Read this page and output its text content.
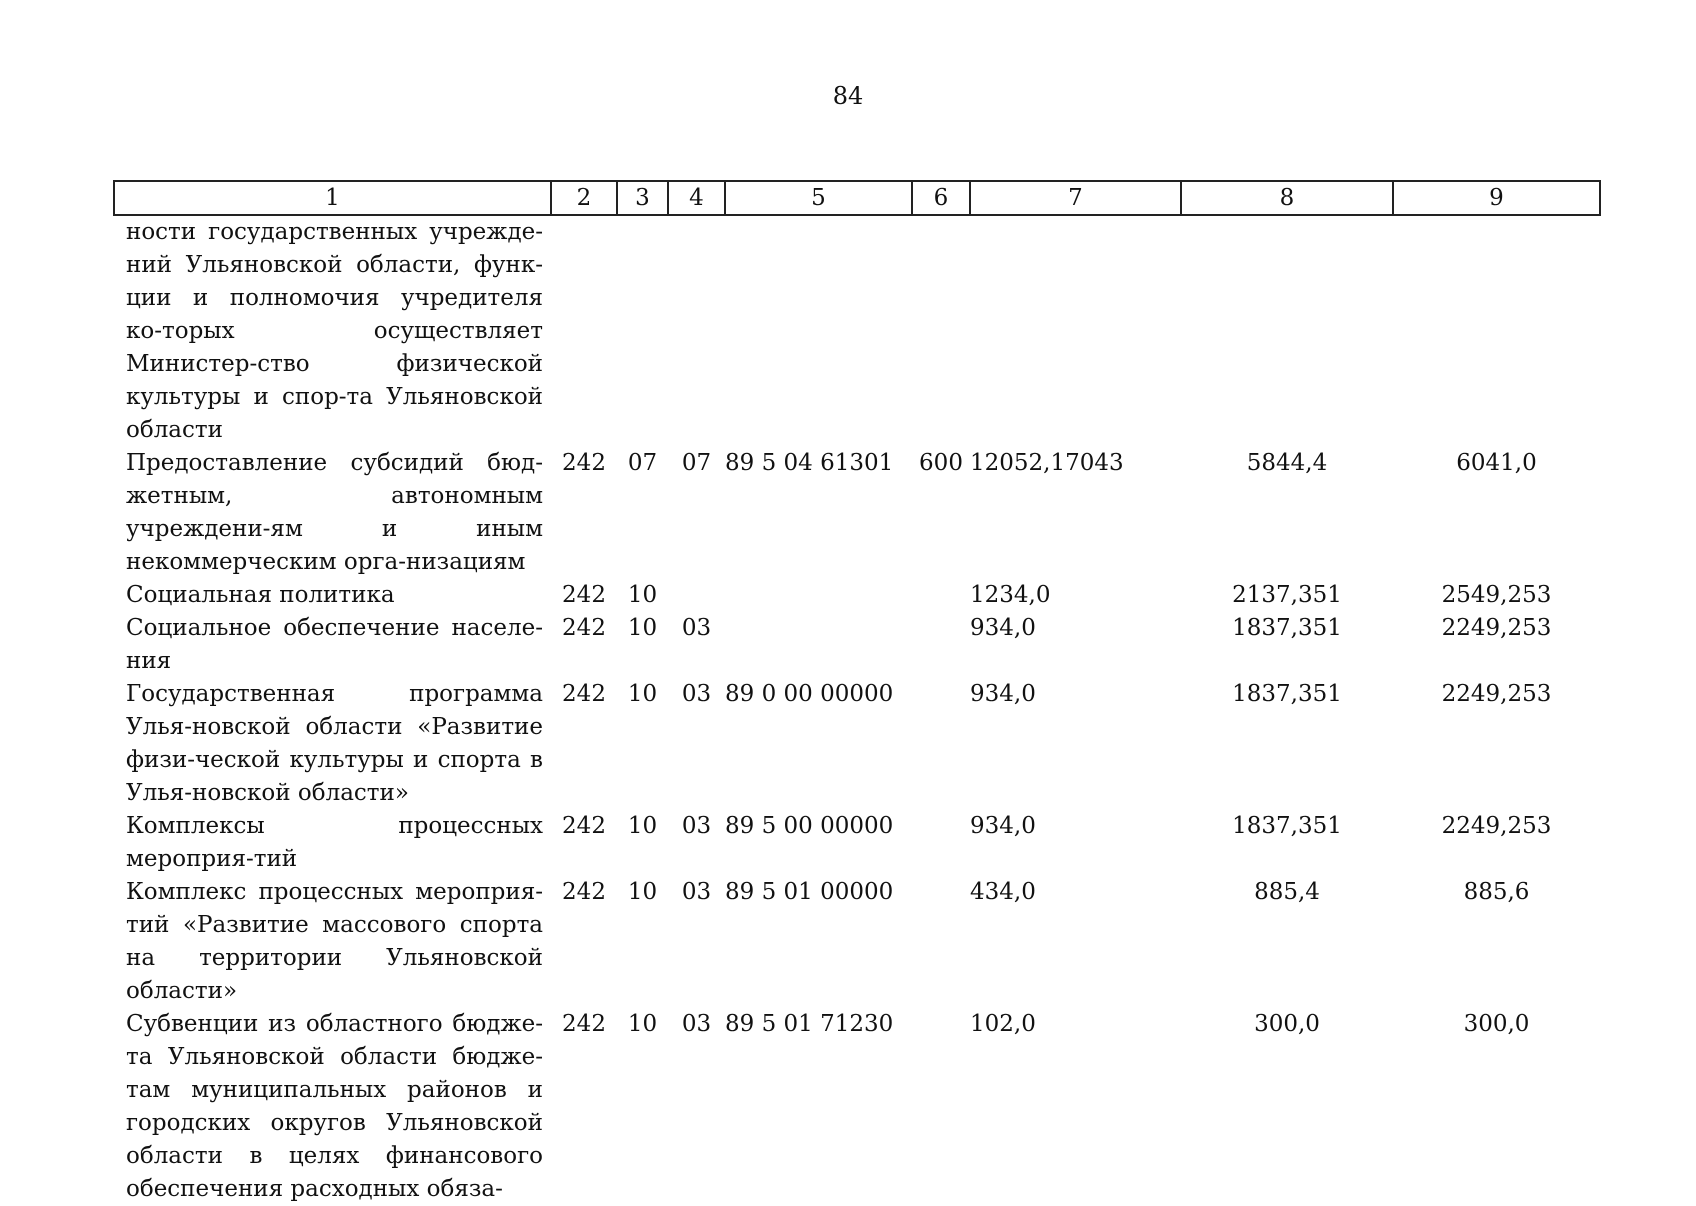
84
1	2	3	4	5	6	7	8	9
ности государственных учрежде-ний Ульяновской области, функ-ции и полномочия учредителя ко-торых осуществляет Министер-ство физической культуры и спор-та Ульяновской области								
Предоставление субсидий бюд-жетным, автономным учреждени-ям и иным некоммерческим орга-низациям	242	07	07	89 5 04 61301	600	12052,17043	5844,4	6041,0
Социальная политика	242	10				1234,0	2137,351	2549,253
Социальное обеспечение населе-ния	242	10	03			934,0	1837,351	2249,253
Государственная программа Улья-новской области «Развитие физи-ческой культуры и спорта в Улья-новской области»	242	10	03	89 0 00 00000		934,0	1837,351	2249,253
Комплексы процессных мероприя-тий	242	10	03	89 5 00 00000		934,0	1837,351	2249,253
Комплекс процессных мероприя-тий «Развитие массового спорта на территории Ульяновской области»	242	10	03	89 5 01 00000		434,0	885,4	885,6
Субвенции из областного бюдже-та Ульяновской области бюдже-там муниципальных районов и городских округов Ульяновской области в целях финансового обеспечения расходных обяза-	242	10	03	89 5 01 71230		102,0	300,0	300,0
